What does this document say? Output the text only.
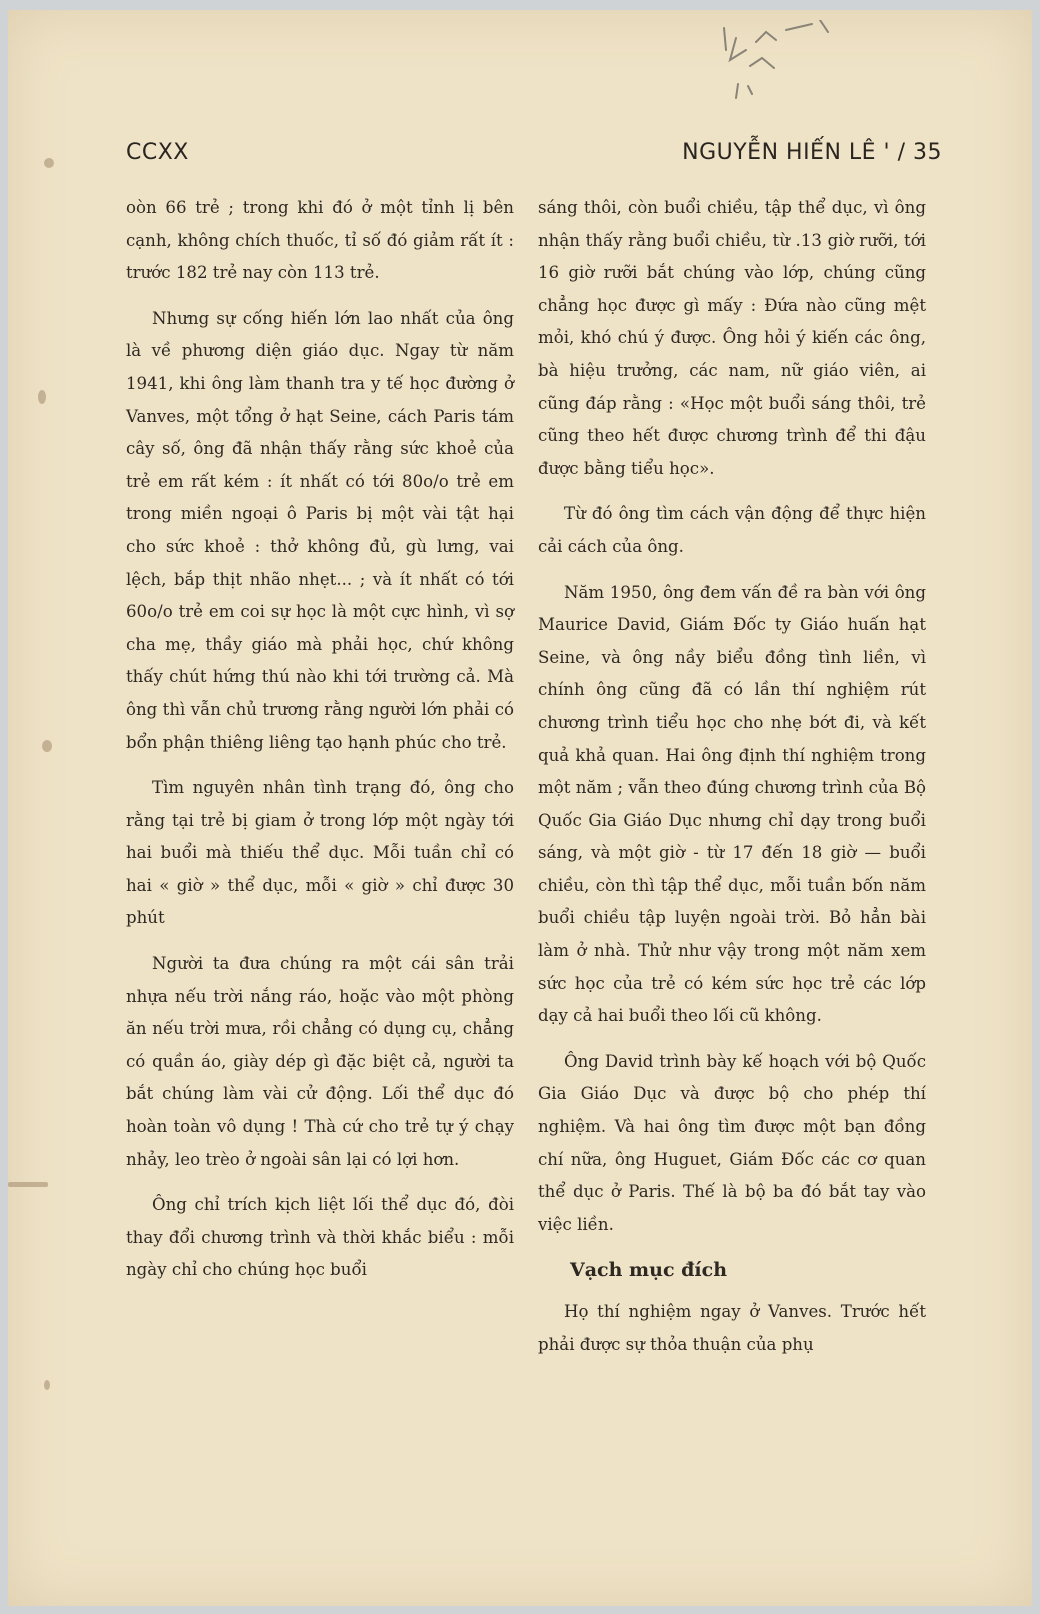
CCXX	NGUYỄN HIẾN LÊ ' / 35

oòn 66 trẻ ; trong khi đó ở một tỉnh lị bên cạnh, không chích thuốc, tỉ số đó giảm rất ít : trước 182 trẻ nay còn 113 trẻ.

Nhưng sự cống hiến lớn lao nhất của ông là về phương diện giáo dục. Ngay từ năm 1941, khi ông làm thanh tra y tế học đường ở Vanves, một tổng ở hạt Seine, cách Paris tám cây số, ông đã nhận thấy rằng sức khoẻ của trẻ em rất kém : ít nhất có tới 80o/o trẻ em trong miền ngoại ô Paris bị một vài tật hại cho sức khoẻ : thở không đủ, gù lưng, vai lệch, bắp thịt nhão nhẹt... ; và ít nhất có tới 60o/o trẻ em coi sự học là một cực hình, vì sợ cha mẹ, thầy giáo mà phải học, chứ không thấy chút hứng thú nào khi tới trường cả. Mà ông thì vẫn chủ trương rằng người lớn phải có bổn phận thiêng liêng tạo hạnh phúc cho trẻ.

Tìm nguyên nhân tình trạng đó, ông cho rằng tại trẻ bị giam ở trong lớp một ngày tới hai buổi mà thiếu thể dục. Mỗi tuần chỉ có hai « giờ » thể dục, mỗi « giờ » chỉ được 30 phút

Người ta đưa chúng ra một cái sân trải nhựa nếu trời nắng ráo, hoặc vào một phòng ăn nếu trời mưa, rồi chẳng có dụng cụ, chẳng có quần áo, giày dép gì đặc biệt cả, người ta bắt chúng làm vài cử động. Lối thể dục đó hoàn toàn vô dụng ! Thà cứ cho trẻ tự ý chạy nhảy, leo trèo ở ngoài sân lại có lợi hơn.

Ông chỉ trích kịch liệt lối thể dục đó, đòi thay đổi chương trình và thời khắc biểu : mỗi ngày chỉ cho chúng học buổi

sáng thôi, còn buổi chiều, tập thể dục, vì ông nhận thấy rằng buổi chiều, từ .13 giờ rưỡi, tới 16 giờ rưỡi bắt chúng vào lớp, chúng cũng chẳng học được gì mấy : Đứa nào cũng mệt mỏi, khó chú ý được. Ông hỏi ý kiến các ông, bà hiệu trưởng, các nam, nữ giáo viên, ai cũng đáp rằng : «Học một buổi sáng thôi, trẻ cũng theo hết được chương trình để thi đậu được bằng tiểu học».

Từ đó ông tìm cách vận động để thực hiện cải cách của ông.

Năm 1950, ông đem vấn đề ra bàn với ông Maurice David, Giám Đốc ty Giáo huấn hạt Seine, và ông nầy biểu đồng tình liền, vì chính ông cũng đã có lần thí nghiệm rút chương trình tiểu học cho nhẹ bớt đi, và kết quả khả quan. Hai ông định thí nghiệm trong một năm ; vẫn theo đúng chương trình của Bộ Quốc Gia Giáo Dục nhưng chỉ dạy trong buổi sáng, và một giờ - từ 17 đến 18 giờ — buổi chiều, còn thì tập thể dục, mỗi tuần bốn năm buổi chiều tập luyện ngoài trời. Bỏ hẳn bài làm ở nhà. Thử như vậy trong một năm xem sức học của trẻ có kém sức học trẻ các lớp dạy cả hai buổi theo lối cũ không.

Ông David trình bày kế hoạch với bộ Quốc Gia Giáo Dục và được bộ cho phép thí nghiệm. Và hai ông tìm được một bạn đồng chí nữa, ông Huguet, Giám Đốc các cơ quan thể dục ở Paris. Thế là bộ ba đó bắt tay vào việc liền.

Vạch mục đích

Họ thí nghiệm ngay ở Vanves. Trước hết phải được sự thỏa thuận của phụ
